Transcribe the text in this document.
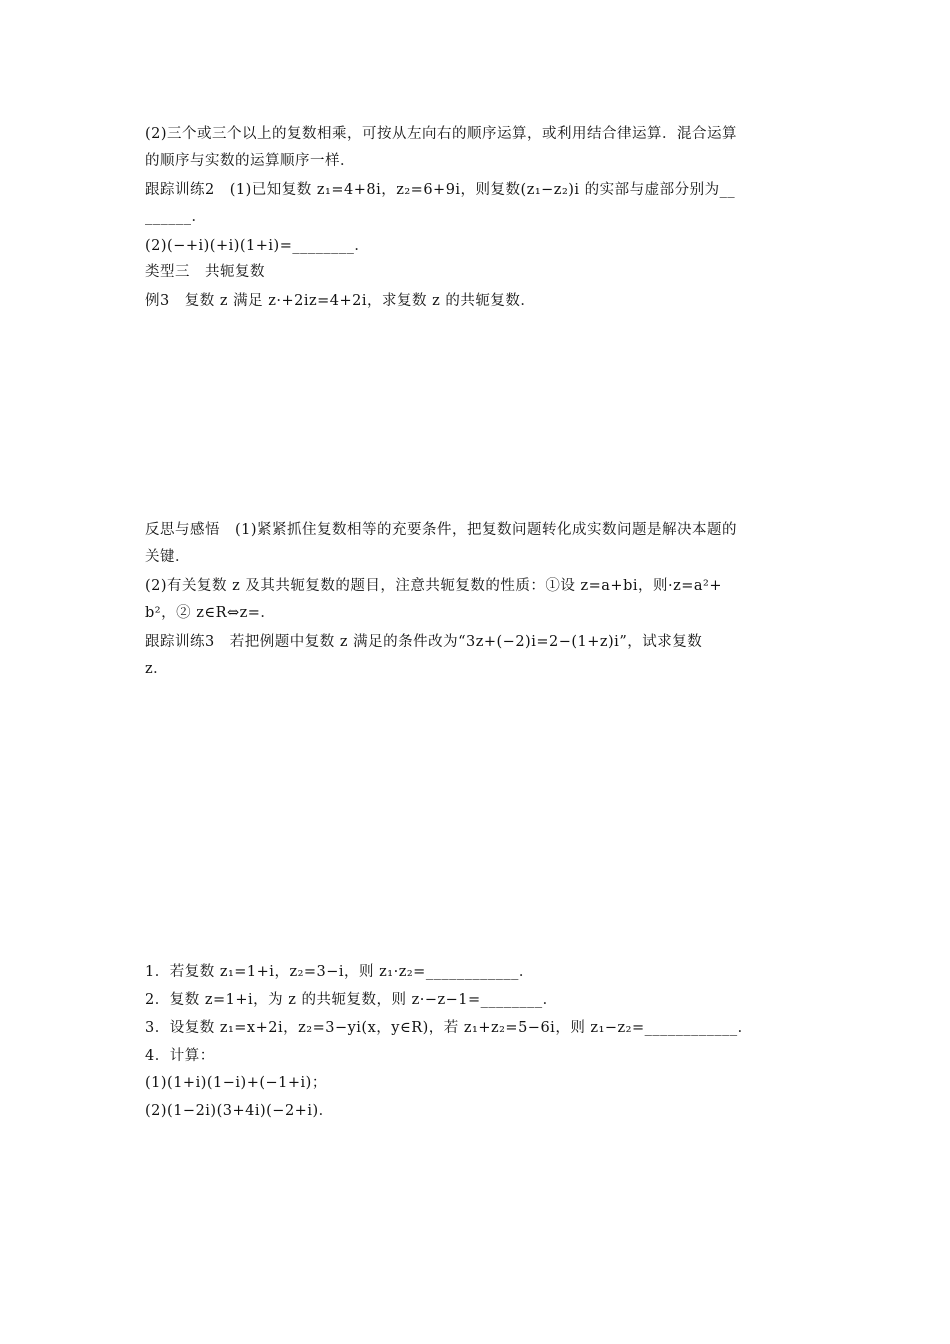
(2)三个或三个以上的复数相乘，可按从左向右的顺序运算，或利用结合律运算．混合运算
的顺序与实数的运算顺序一样．
跟踪训练2　(1)已知复数 z₁=4+8i，z₂=6+9i，则复数(z₁−z₂)i 的实部与虚部分别为__
______．
(2)(−+i)(+i)(1+i)=________．
类型三　共轭复数
例3　复数 z 满足 z·+2iz=4+2i，求复数 z 的共轭复数．
反思与感悟　(1)紧紧抓住复数相等的充要条件，把复数问题转化成实数问题是解决本题的
关键．
(2)有关复数 z 及其共轭复数的题目，注意共轭复数的性质：①设 z=a+bi，则·z=a²+
b²，② z∈R⇔z=．
跟踪训练3　若把例题中复数 z 满足的条件改为“3z+(−2)i=2−(1+z)i”，试求复数
z．
1．若复数 z₁=1+i，z₂=3−i，则 z₁·z₂=____________．
2．复数 z=1+i，为 z 的共轭复数，则 z·−z−1=________．
3．设复数 z₁=x+2i，z₂=3−yi(x，y∈R)，若 z₁+z₂=5−6i，则 z₁−z₂=____________．
4．计算：
(1)(1+i)(1−i)+(−1+i)；
(2)(1−2i)(3+4i)(−2+i)．
